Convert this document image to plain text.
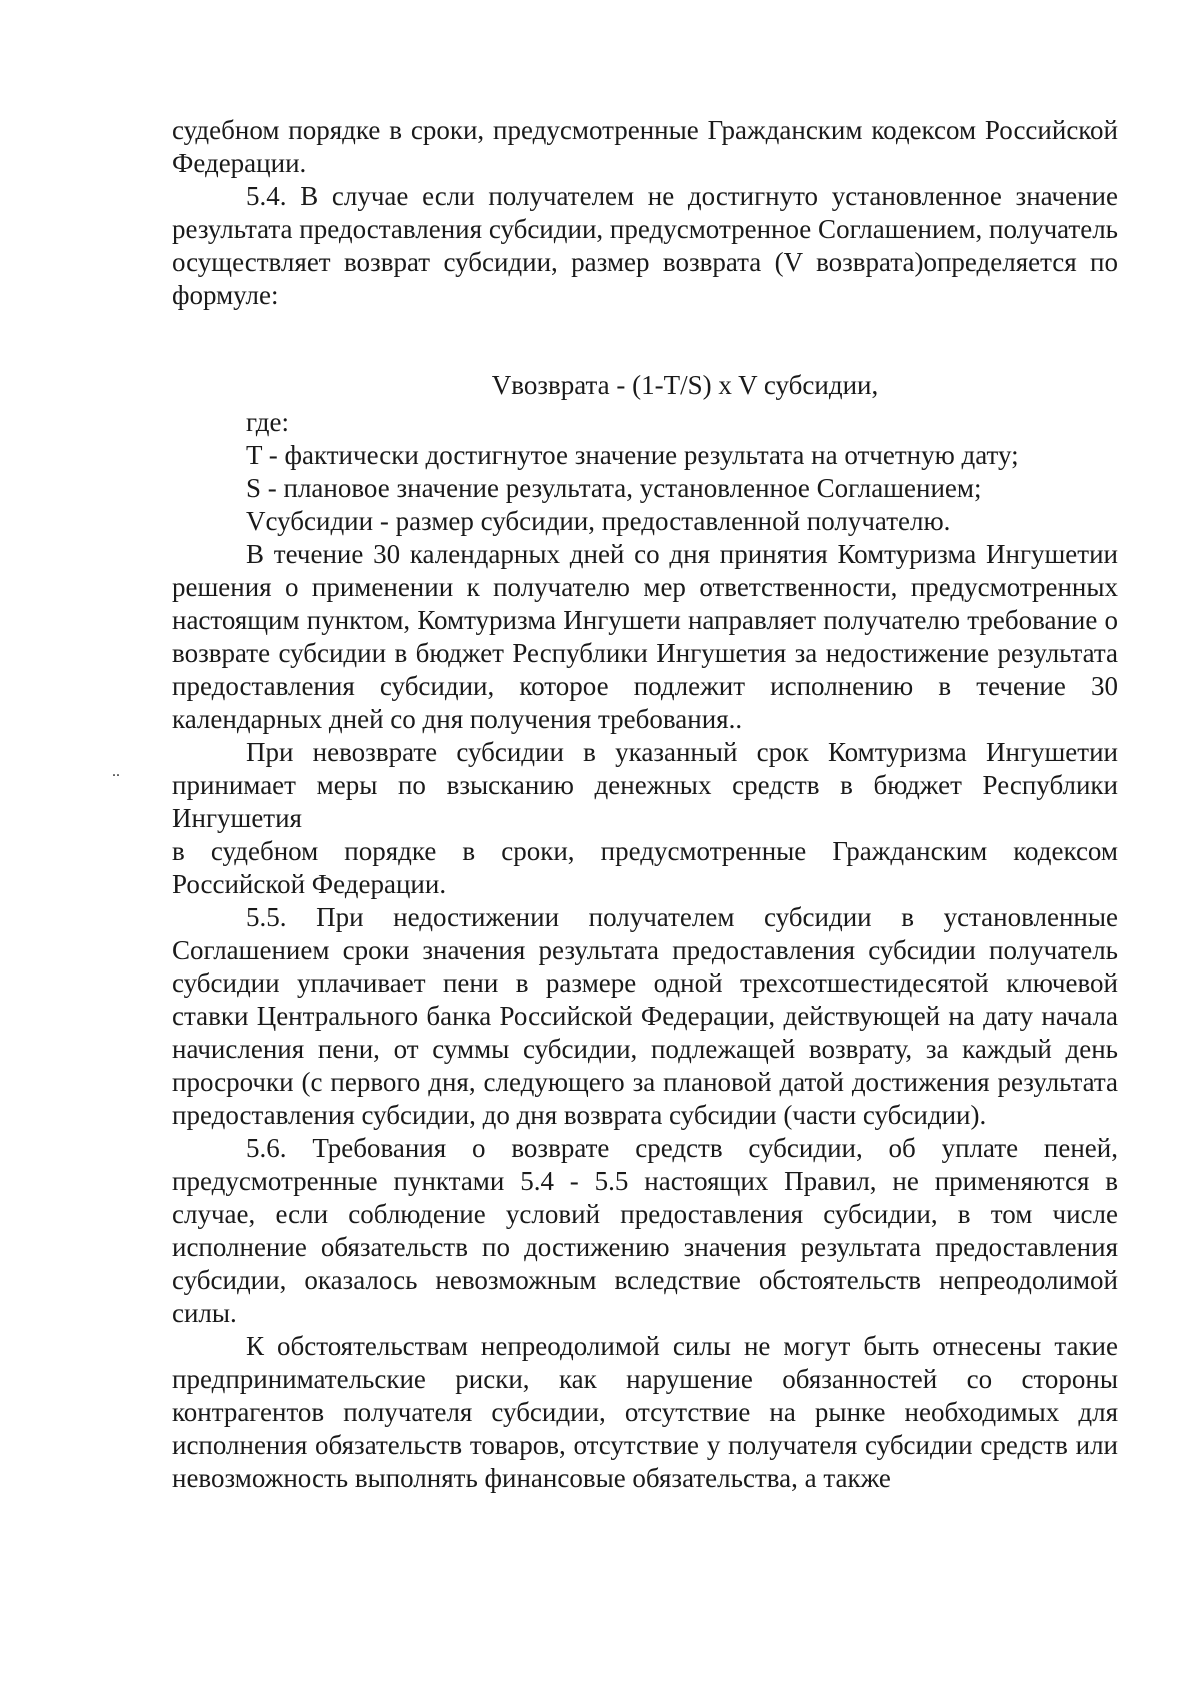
..

судебном порядке в сроки, предусмотренные Гражданским кодексом Российской Федерации.

5.4. В случае если получателем не достигнуто установленное значение результата предоставления субсидии, предусмотренное Соглашением, получатель осуществляет возврат субсидии, размер возврата (V возврата)определяется по формуле:

Vвозврата - (1-T/S) x V субсидии,

где:

T - фактически достигнутое значение результата на отчетную дату;

S - плановое значение результата, установленное Соглашением;

Vсубсидии - размер субсидии, предоставленной получателю.

В течение 30 календарных дней со дня принятия Комтуризма Ингушетии решения о применении к получателю мер ответственности, предусмотренных настоящим пунктом, Комтуризма Ингушети направляет получателю требование о возврате субсидии в бюджет Республики Ингушетия за недостижение результата предоставления субсидии, которое подлежит исполнению в течение 30 календарных дней со дня получения требования..

При невозврате субсидии в указанный срок Комтуризма Ингушетии принимает меры по взысканию денежных средств в бюджет Республики Ингушетия

в судебном порядке в сроки, предусмотренные Гражданским кодексом Российской Федерации.

5.5. При недостижении получателем субсидии в установленные Соглашением сроки значения результата предоставления субсидии получатель субсидии уплачивает пени в размере одной трехсотшестидесятой ключевой ставки Центрального банка Российской Федерации, действующей на дату начала начисления пени, от суммы субсидии, подлежащей возврату, за каждый день просрочки (с первого дня, следующего за плановой датой достижения результата предоставления субсидии, до дня возврата субсидии (части субсидии).

5.6. Требования о возврате средств субсидии, об уплате пеней, предусмотренные пунктами 5.4 - 5.5 настоящих Правил, не применяются в случае, если соблюдение условий предоставления субсидии, в том числе исполнение обязательств по достижению значения результата предоставления субсидии, оказалось невозможным вследствие обстоятельств непреодолимой силы.

К обстоятельствам непреодолимой силы не могут быть отнесены такие предпринимательские риски, как нарушение обязанностей со стороны контрагентов получателя субсидии, отсутствие на рынке необходимых для исполнения обязательств товаров, отсутствие у получателя субсидии средств или невозможность выполнять финансовые обязательства, а также
